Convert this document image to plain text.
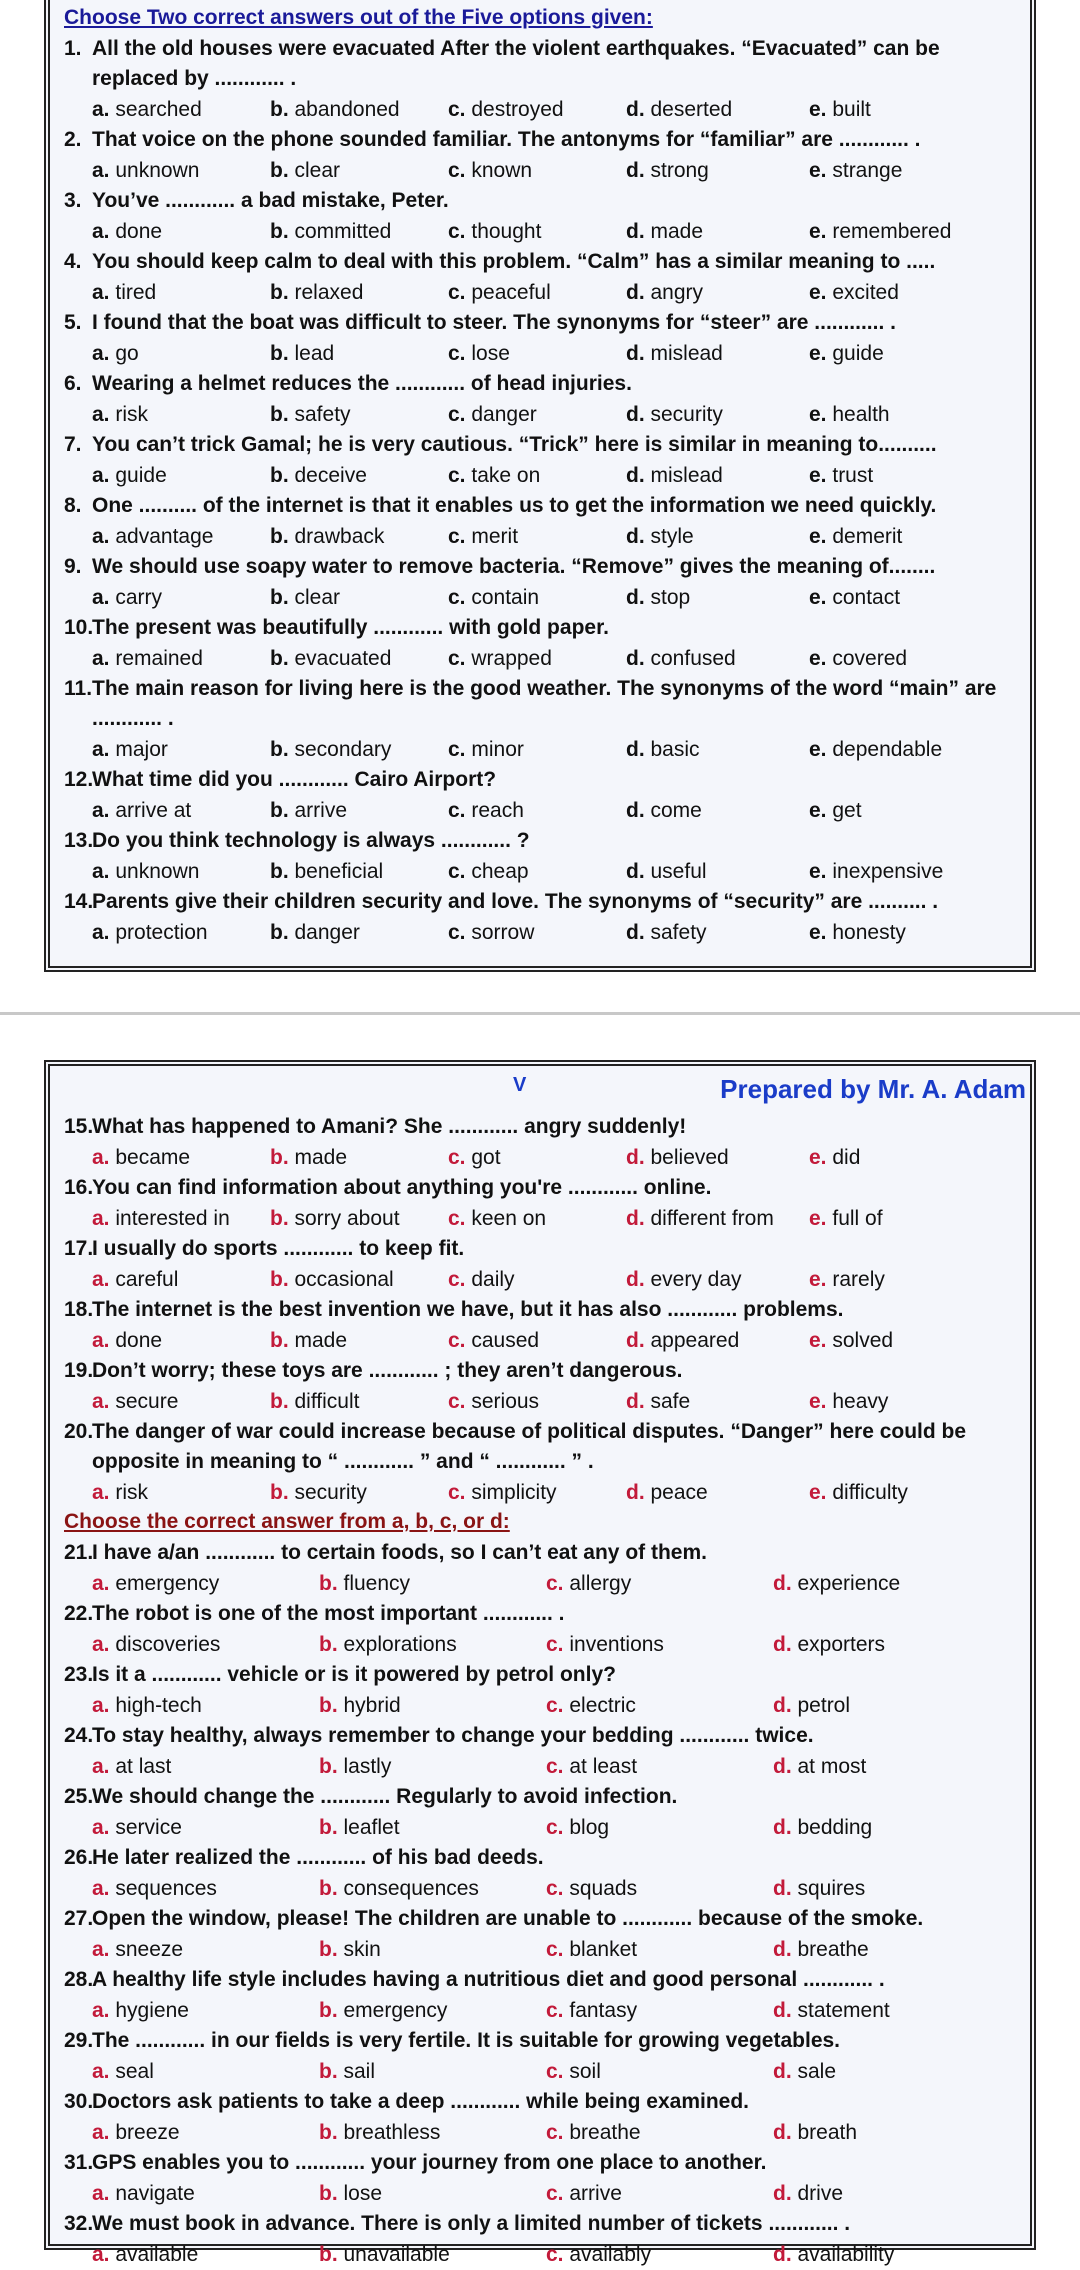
Choose Two correct answers out of the Five options given:
1. All the old houses were evacuated After the violent earthquakes. “Evacuated” can be replaced by ............ .
a. searched	b. abandoned	c. destroyed	d. deserted	e. built
2. That voice on the phone sounded familiar. The antonyms for “familiar” are ............ .
a. unknown	b. clear	c. known	d. strong	e. strange
3. You’ve ............ a bad mistake, Peter.
a. done	b. committed	c. thought	d. made	e. remembered
4. You should keep calm to deal with this problem. “Calm” has a similar meaning to .....
a. tired	b. relaxed	c. peaceful	d. angry	e. excited
5. I found that the boat was difficult to steer. The synonyms for “steer” are ............ .
a. go	b. lead	c. lose	d. mislead	e. guide
6. Wearing a helmet reduces the ............ of head injuries.
a. risk	b. safety	c. danger	d. security	e. health
7. You can’t trick Gamal; he is very cautious. “Trick” here is similar in meaning to..........
a. guide	b. deceive	c. take on	d. mislead	e. trust
8. One .......... of the internet is that it enables us to get the information we need quickly.
a. advantage	b. drawback	c. merit	d. style	e. demerit
9. We should use soapy water to remove bacteria. “Remove” gives the meaning of........
a. carry	b. clear	c. contain	d. stop	e. contact
10.The present was beautifully ............ with gold paper.
a. remained	b. evacuated	c. wrapped	d. confused	e. covered
11.The main reason for living here is the good weather. The synonyms of the word “main” are ............ .
a. major	b. secondary	c. minor	d. basic	e. dependable
12.What time did you ............ Cairo Airport?
a. arrive at	b. arrive	c. reach	d. come	e. get
13.Do you think technology is always ............ ?
a. unknown	b. beneficial	c. cheap	d. useful	e. inexpensive
14.Parents give their children security and love. The synonyms of “security” are .......... .
a. protection	b. danger	c. sorrow	d. safety	e. honesty
V	Prepared by Mr. A. Adam
15.What has happened to Amani? She ............ angry suddenly!
a. became	b. made	c. got	d. believed	e. did
16.You can find information about anything you're ............ online.
a. interested in	b. sorry about	c. keen on	d. different from	e. full of
17.I usually do sports ............ to keep fit.
a. careful	b. occasional	c. daily	d. every day	e. rarely
18.The internet is the best invention we have, but it has also ............ problems.
a. done	b. made	c. caused	d. appeared	e. solved
19.Don’t worry; these toys are ............ ; they aren’t dangerous.
a. secure	b. difficult	c. serious	d. safe	e. heavy
20.The danger of war could increase because of political disputes. “Danger” here could be opposite in meaning to “ ............ ” and “ ............ ” .
a. risk	b. security	c. simplicity	d. peace	e. difficulty
Choose the correct answer from a, b, c, or d:
21.I have a/an ............ to certain foods, so I can’t eat any of them.
a. emergency	b. fluency	c. allergy	d. experience
22.The robot is one of the most important ............ .
a. discoveries	b. explorations	c. inventions	d. exporters
23.Is it a ............ vehicle or is it powered by petrol only?
a. high-tech	b. hybrid	c. electric	d. petrol
24.To stay healthy, always remember to change your bedding ............ twice.
a. at last	b. lastly	c. at least	d. at most
25.We should change the ............ Regularly to avoid infection.
a. service	b. leaflet	c. blog	d. bedding
26.He later realized the ............ of his bad deeds.
a. sequences	b. consequences	c. squads	d. squires
27.Open the window, please! The children are unable to ............ because of the smoke.
a. sneeze	b. skin	c. blanket	d. breathe
28.A healthy life style includes having a nutritious diet and good personal ............ .
a. hygiene	b. emergency	c. fantasy	d. statement
29.The ............ in our fields is very fertile. It is suitable for growing vegetables.
a. seal	b. sail	c. soil	d. sale
30.Doctors ask patients to take a deep ............ while being examined.
a. breeze	b. breathless	c. breathe	d. breath
31.GPS enables you to ............ your journey from one place to another.
a. navigate	b. lose	c. arrive	d. drive
32.We must book in advance. There is only a limited number of tickets ............ .
a. available	b. unavailable	c. availably	d. availability
